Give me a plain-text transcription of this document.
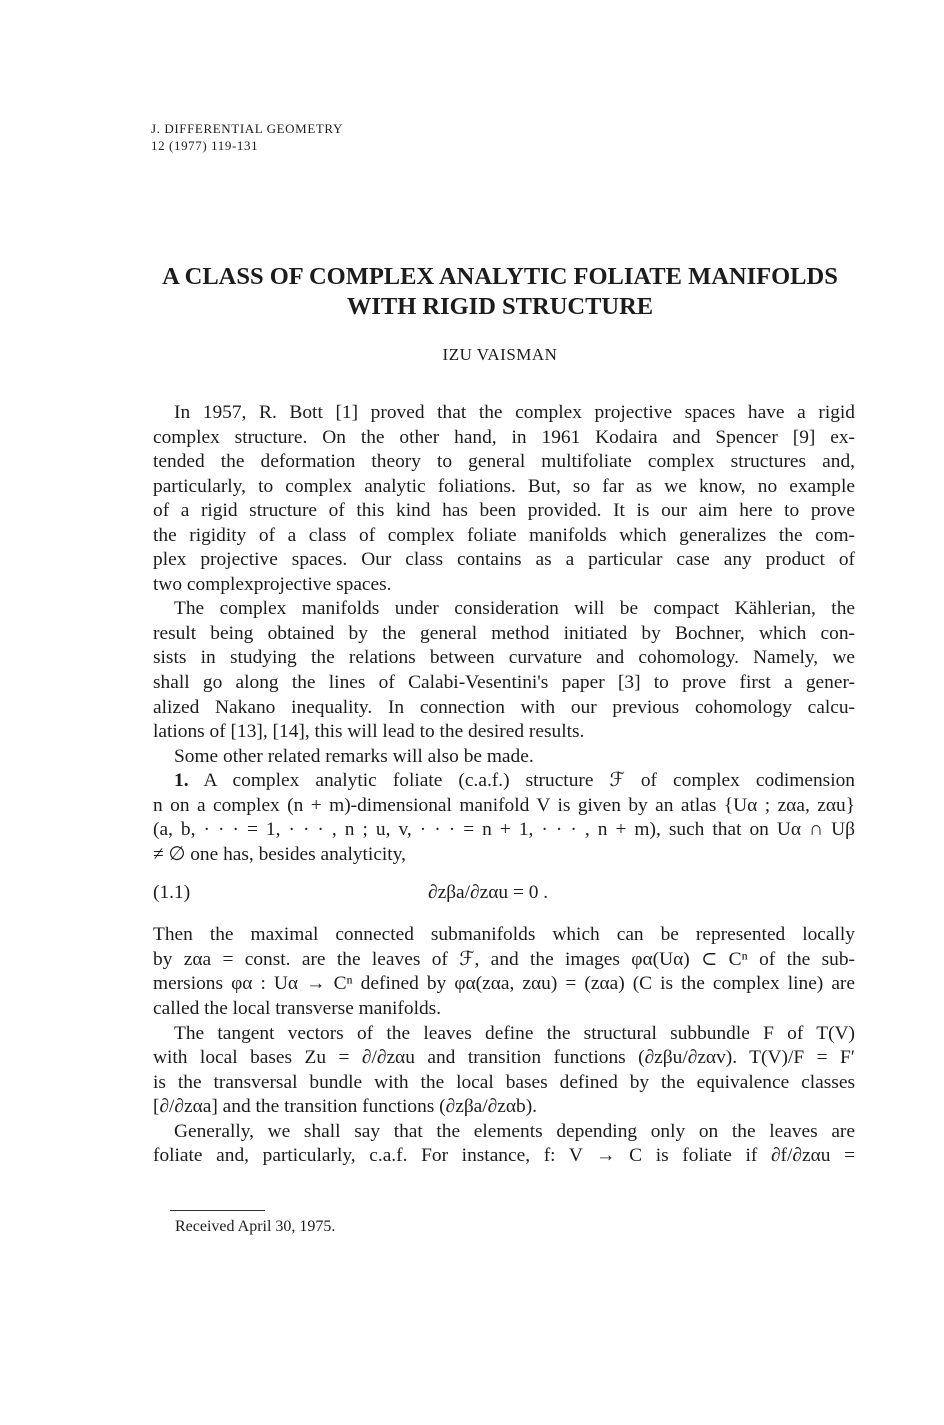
J. DIFFERENTIAL GEOMETRY
12 (1977) 119-131
A CLASS OF COMPLEX ANALYTIC FOLIATE MANIFOLDS
WITH RIGID STRUCTURE
IZU VAISMAN
In 1957, R. Bott [1] proved that the complex projective spaces have a rigid
complex structure. On the other hand, in 1961 Kodaira and Spencer [9] ex-
tended the deformation theory to general multifoliate complex structures and,
particularly, to complex analytic foliations. But, so far as we know, no example
of a rigid structure of this kind has been provided. It is our aim here to prove
the rigidity of a class of complex foliate manifolds which generalizes the com-
plex projective spaces. Our class contains as a particular case any product of
two complexprojective spaces.
The complex manifolds under consideration will be compact Kählerian, the
result being obtained by the general method initiated by Bochner, which con-
sists in studying the relations between curvature and cohomology. Namely, we
shall go along the lines of Calabi-Vesentini's paper [3] to prove first a gener-
alized Nakano inequality. In connection with our previous cohomology calcu-
lations of [13], [14], this will lead to the desired results.
Some other related remarks will also be made.
1. A complex analytic foliate (c.a.f.) structure ℱ of complex codimension
n on a complex (n + m)-dimensional manifold V is given by an atlas {Uα ; zαa, zαu}
(a, b, · · · = 1, · · · , n ; u, v, · · · = n + 1, · · · , n + m), such that on Uα ∩ Uβ
≠ ∅ one has, besides analyticity,
(1.1)	∂zβa/∂zαu = 0 .
Then the maximal connected submanifolds which can be represented locally
by zαa = const. are the leaves of ℱ, and the images φα(Uα) ⊂ Cⁿ of the sub-
mersions φα : Uα → Cⁿ defined by φα(zαa, zαu) = (zαa) (C is the complex line) are
called the local transverse manifolds.
The tangent vectors of the leaves define the structural subbundle F of T(V)
with local bases Zu = ∂/∂zαu and transition functions (∂zβu/∂zαv). T(V)/F = F′
is the transversal bundle with the local bases defined by the equivalence classes
[∂/∂zαa] and the transition functions (∂zβa/∂zαb).
Generally, we shall say that the elements depending only on the leaves are
foliate and, particularly, c.a.f. For instance, f: V → C is foliate if ∂f/∂zαu =
Received April 30, 1975.
